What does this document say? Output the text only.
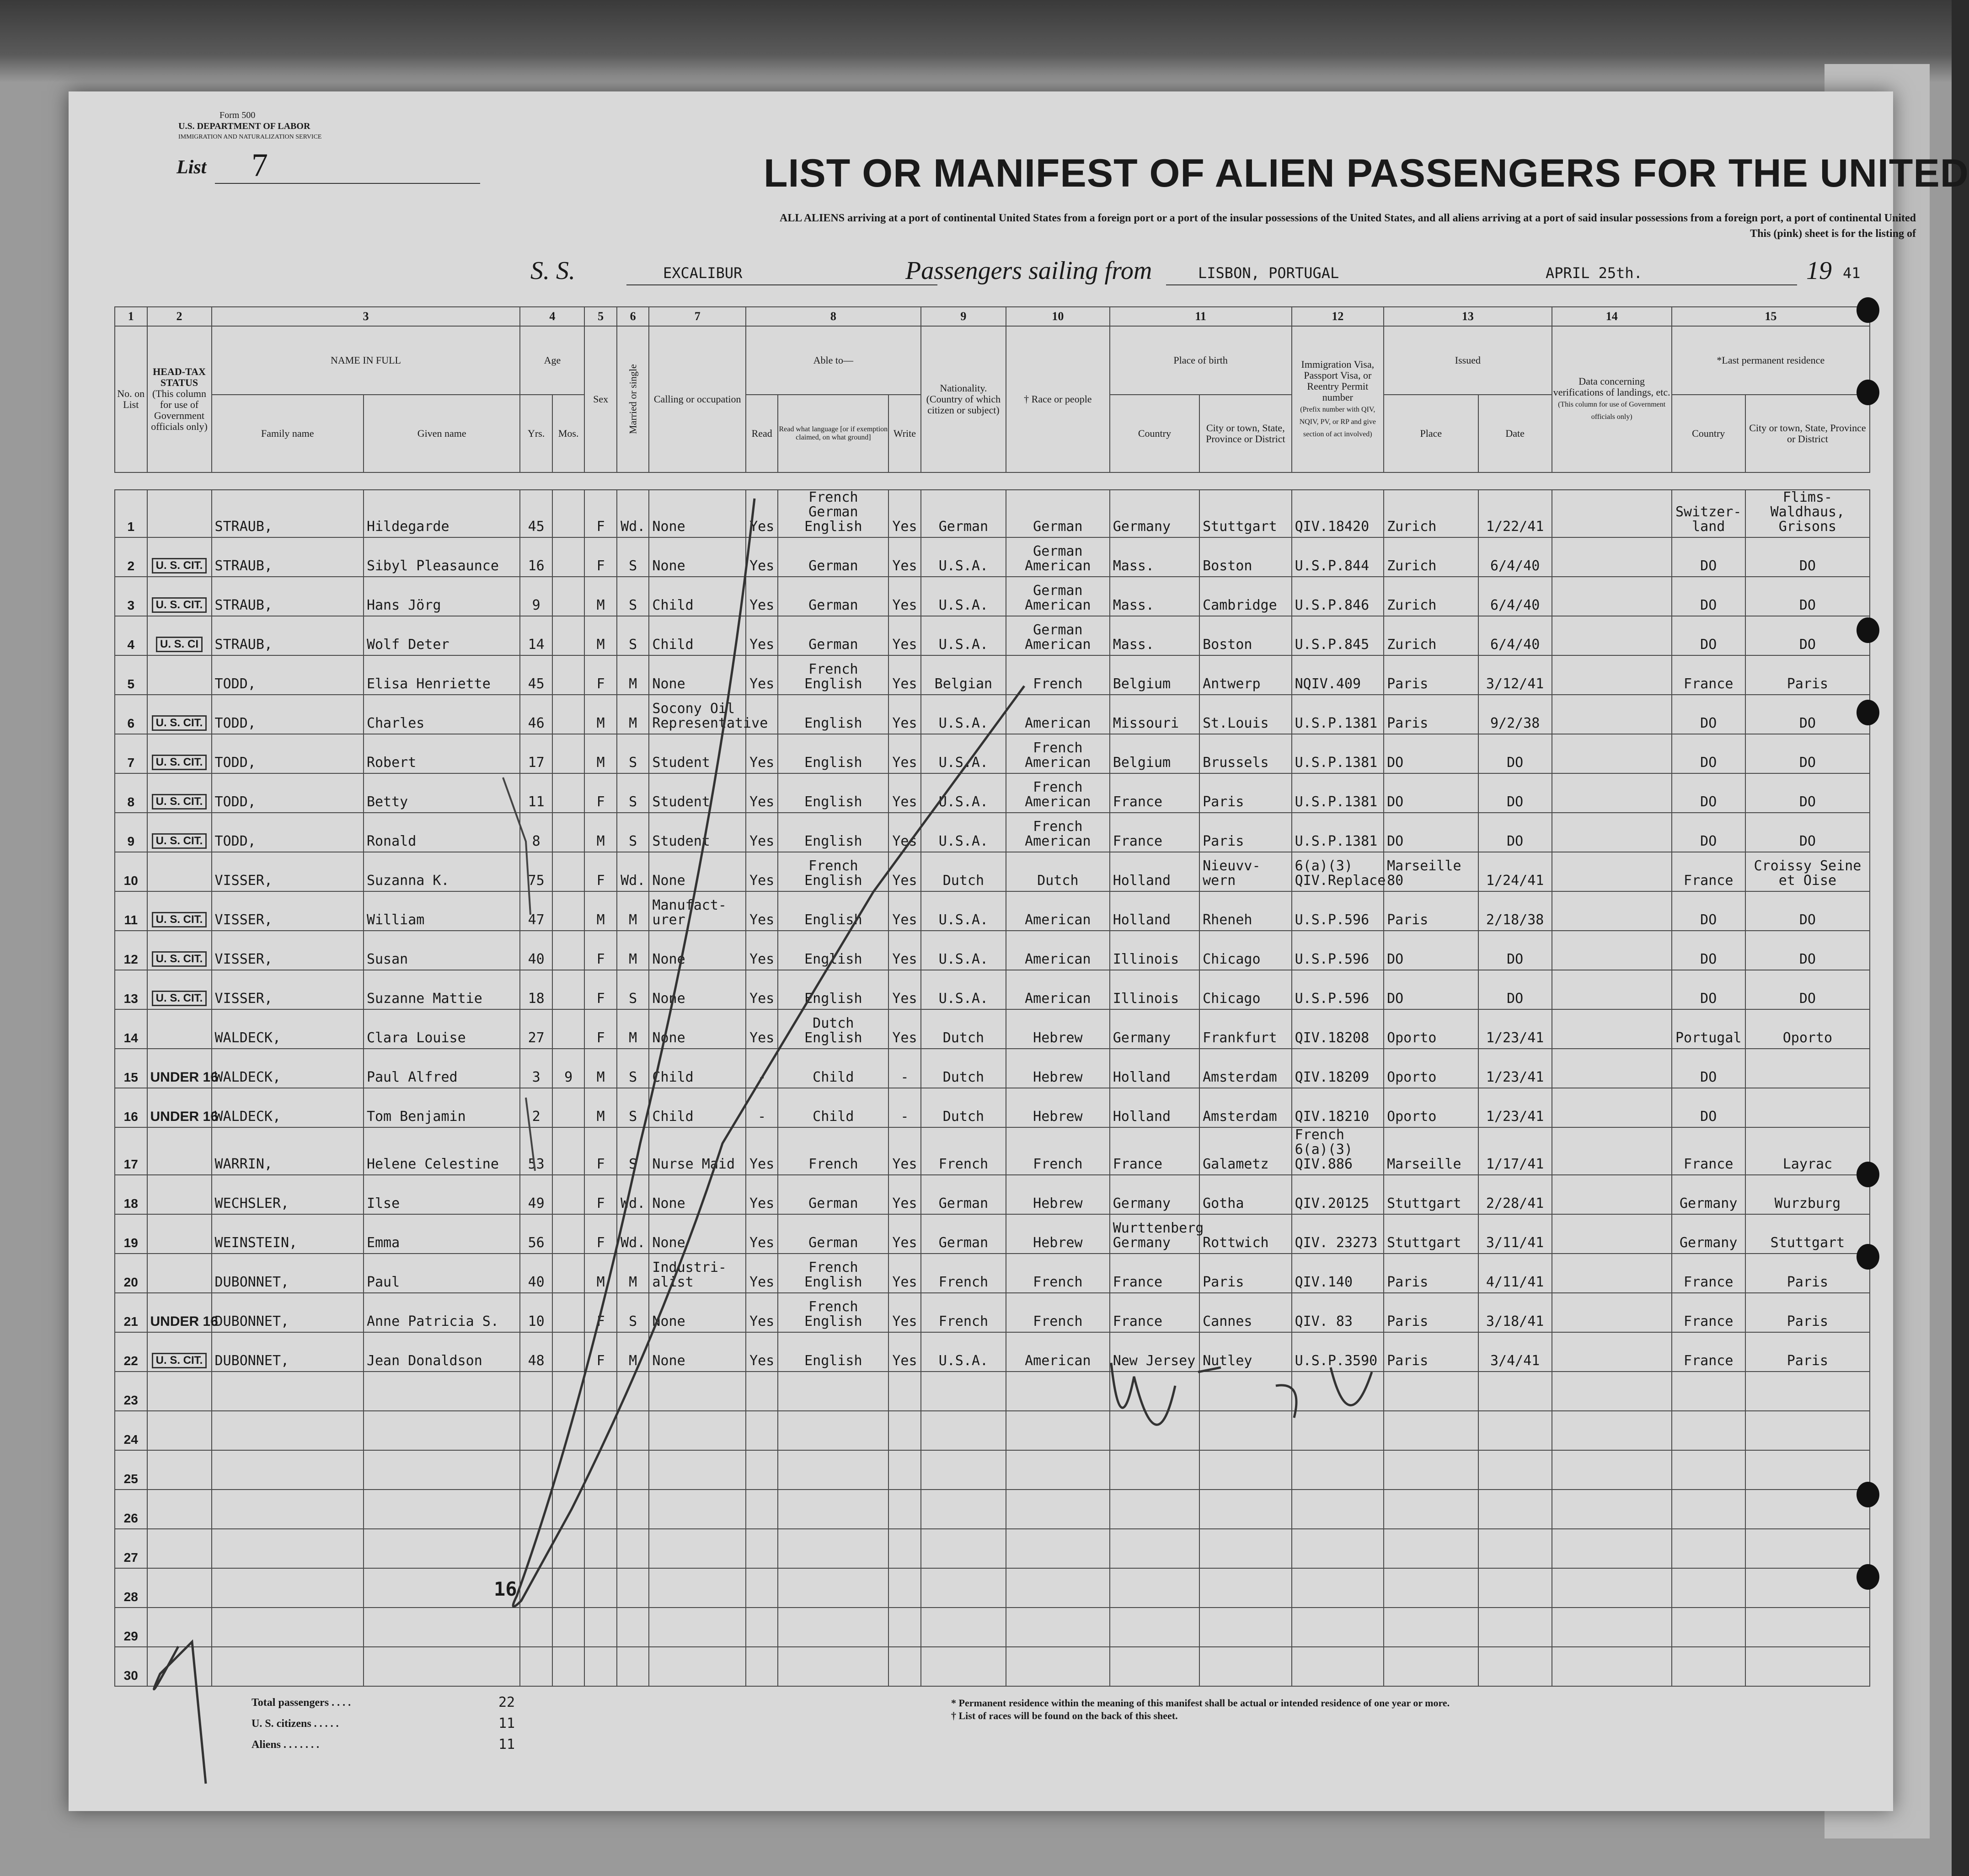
Form 500
U.S. DEPARTMENT OF LABOR
IMMIGRATION AND NATURALIZATION SERVICE
List 7	LIST OR MANIFEST OF ALIEN PASSENGERS FOR THE UNITED
ALL ALIENS arriving at a port of continental United States from a foreign port or a port of the insular possessions of the United States, and all aliens arriving at a port of said insular possessions from a foreign port, a port of continental United
This (pink) sheet is for the listing of
S. S.	EXCALIBUR	Passengers sailing from	LISBON, PORTUGAL	APRIL 25th.	19 41
1	2	3		4		5	6	7	8			9	10	11		12	13		14	15	
No. on List	HEAD-TAX STATUS
(This column for use of Government officials only)	NAME IN FULL		Age		Sex	Married or single	Calling or occupation	Able to—			Nationality. (Country of which citizen or subject)	† Race or people	Place of birth		Immigration Visa, Passport Visa, or Reentry Permit number
(Prefix number with QIV, NQIV, PV, or RP and give section of act involved)	Issued		Data concerning verifications of landings, etc.
(This column for use of Government officials only)	*Last permanent residence	
		Family name	Given name	Yrs.	Mos.				Read	Read what language [or if exemption claimed, on what ground]	Write			Country	City or town, State, Province or District		Place	Date		Country	City or town, State, Province or District

1		STRAUB,	Hildegarde	45		F	Wd.	None	Yes	French German English	Yes	German	German	Germany	Stuttgart	QIV.18420	Zurich	1/22/41		Switzer- land	Flims- Waldhaus, Grisons
2	U. S. CIT.	STRAUB,	Sibyl Pleasaunce	16		F	S	None	Yes	German	Yes	U.S.A.	German American	Mass.	Boston	U.S.P.844	Zurich	6/4/40		DO	DO
3	U. S. CIT.	STRAUB,	Hans Jörg	9		M	S	Child	Yes	German	Yes	U.S.A.	German American	Mass.	Cambridge	U.S.P.846	Zurich	6/4/40		DO	DO
4	U. S. CI	STRAUB,	Wolf Deter	14		M	S	Child	Yes	German	Yes	U.S.A.	German American	Mass.	Boston	U.S.P.845	Zurich	6/4/40		DO	DO
5		TODD,	Elisa Henriette	45		F	M	None	Yes	French English	Yes	Belgian	French	Belgium	Antwerp	NQIV.409	Paris	3/12/41		France	Paris
6	U. S. CIT.	TODD,	Charles	46		M	M	Socony Oil Representative		English	Yes	U.S.A.	American	Missouri	St.Louis	U.S.P.1381	Paris	9/2/38		DO	DO
7	U. S. CIT.	TODD,	Robert	17		M	S	Student	Yes	English	Yes	U.S.A.	French American	Belgium	Brussels	U.S.P.1381	DO	DO		DO	DO
8	U. S. CIT.	TODD,	Betty	11		F	S	Student	Yes	English	Yes	U.S.A.	French American	France	Paris	U.S.P.1381	DO	DO		DO	DO
9	U. S. CIT.	TODD,	Ronald	8		M	S	Student	Yes	English	Yes	U.S.A.	French American	France	Paris	U.S.P.1381	DO	DO		DO	DO
10		VISSER,	Suzanna K.	75		F	Wd.	None	Yes	French English	Yes	Dutch	Dutch	Holland	Nieuvv- wern	6(a)(3) QIV.Replace	Marseille 80	1/24/41		France	Croissy Seine et Oise
11	U. S. CIT.	VISSER,	William	47		M	M	Manufact- urer	Yes	English	Yes	U.S.A.	American	Holland	Rheneh	U.S.P.596	Paris	2/18/38		DO	DO
12	U. S. CIT.	VISSER,	Susan	40		F	M	None	Yes	English	Yes	U.S.A.	American	Illinois	Chicago	U.S.P.596	DO	DO		DO	DO
13	U. S. CIT.	VISSER,	Suzanne Mattie	18		F	S	None	Yes	English	Yes	U.S.A.	American	Illinois	Chicago	U.S.P.596	DO	DO		DO	DO
14		WALDECK,	Clara Louise	27		F	M	None	Yes	Dutch English	Yes	Dutch	Hebrew	Germany	Frankfurt	QIV.18208	Oporto	1/23/41		Portugal	Oporto
15	UNDER 16	WALDECK,	Paul Alfred	3	9	M	S	Child	-	Child	-	Dutch	Hebrew	Holland	Amsterdam	QIV.18209	Oporto	1/23/41		DO	
16	UNDER 16	WALDECK,	Tom Benjamin	2		M	S	Child	-	Child	-	Dutch	Hebrew	Holland	Amsterdam	QIV.18210	Oporto	1/23/41		DO	
17		WARRIN,	Helene Celestine	53		F	S	Nurse Maid	Yes	French	Yes	French	French	France	Galametz	French 6(a)(3) QIV.886	Marseille	1/17/41		France	Layrac
18		WECHSLER,	Ilse	49		F	Wd.	None	Yes	German	Yes	German	Hebrew	Germany	Gotha	QIV.20125	Stuttgart	2/28/41		Germany	Wurzburg
19		WEINSTEIN,	Emma	56		F	Wd.	None	Yes	German	Yes	German	Hebrew	Wurttenberg Germany	Rottwich	QIV. 23273	Stuttgart	3/11/41		Germany	Stuttgart
20		DUBONNET,	Paul	40		M	M	Industri- alist	Yes	French English	Yes	French	French	France	Paris	QIV.140	Paris	4/11/41		France	Paris
21	UNDER 16	DUBONNET,	Anne Patricia S.	10		F	S	None	Yes	French English	Yes	French	French	France	Cannes	QIV. 83	Paris	3/18/41		France	Paris
22	U. S. CIT.	DUBONNET,	Jean Donaldson	48		F	M	None	Yes	English	Yes	U.S.A.	American	New Jersey	Nutley	U.S.P.3590	Paris	3/4/41		France	Paris
23																					
24																					
25																					
26																					
27																					
28																					
29																					
30																					
16
Total passengers . . . .	22
U. S. citizens . . . . .	11
Aliens . . . . . . .	11
* Permanent residence within the meaning of this manifest shall be actual or intended residence of one year or more.
† List of races will be found on the back of this sheet.
